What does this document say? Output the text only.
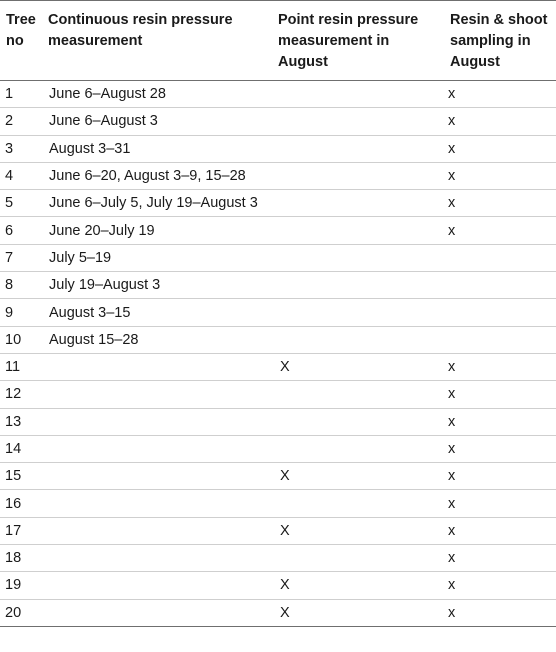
Tree no	Continuous resin pressure measurement	Point resin pressure measurement in August	Resin & shoot sampling in August
1	June 6–August 28		x
2	June 6–August 3		x
3	August 3–31		x
4	June 6–20, August 3–9, 15–28		x
5	June 6–July 5, July 19–August 3		x
6	June 20–July 19		x
7	July 5–19		
8	July 19–August 3		
9	August 3–15		
10	August 15–28		
11		X	x
12			x
13			x
14			x
15		X	x
16			x
17		X	x
18			x
19		X	x
20		X	x
